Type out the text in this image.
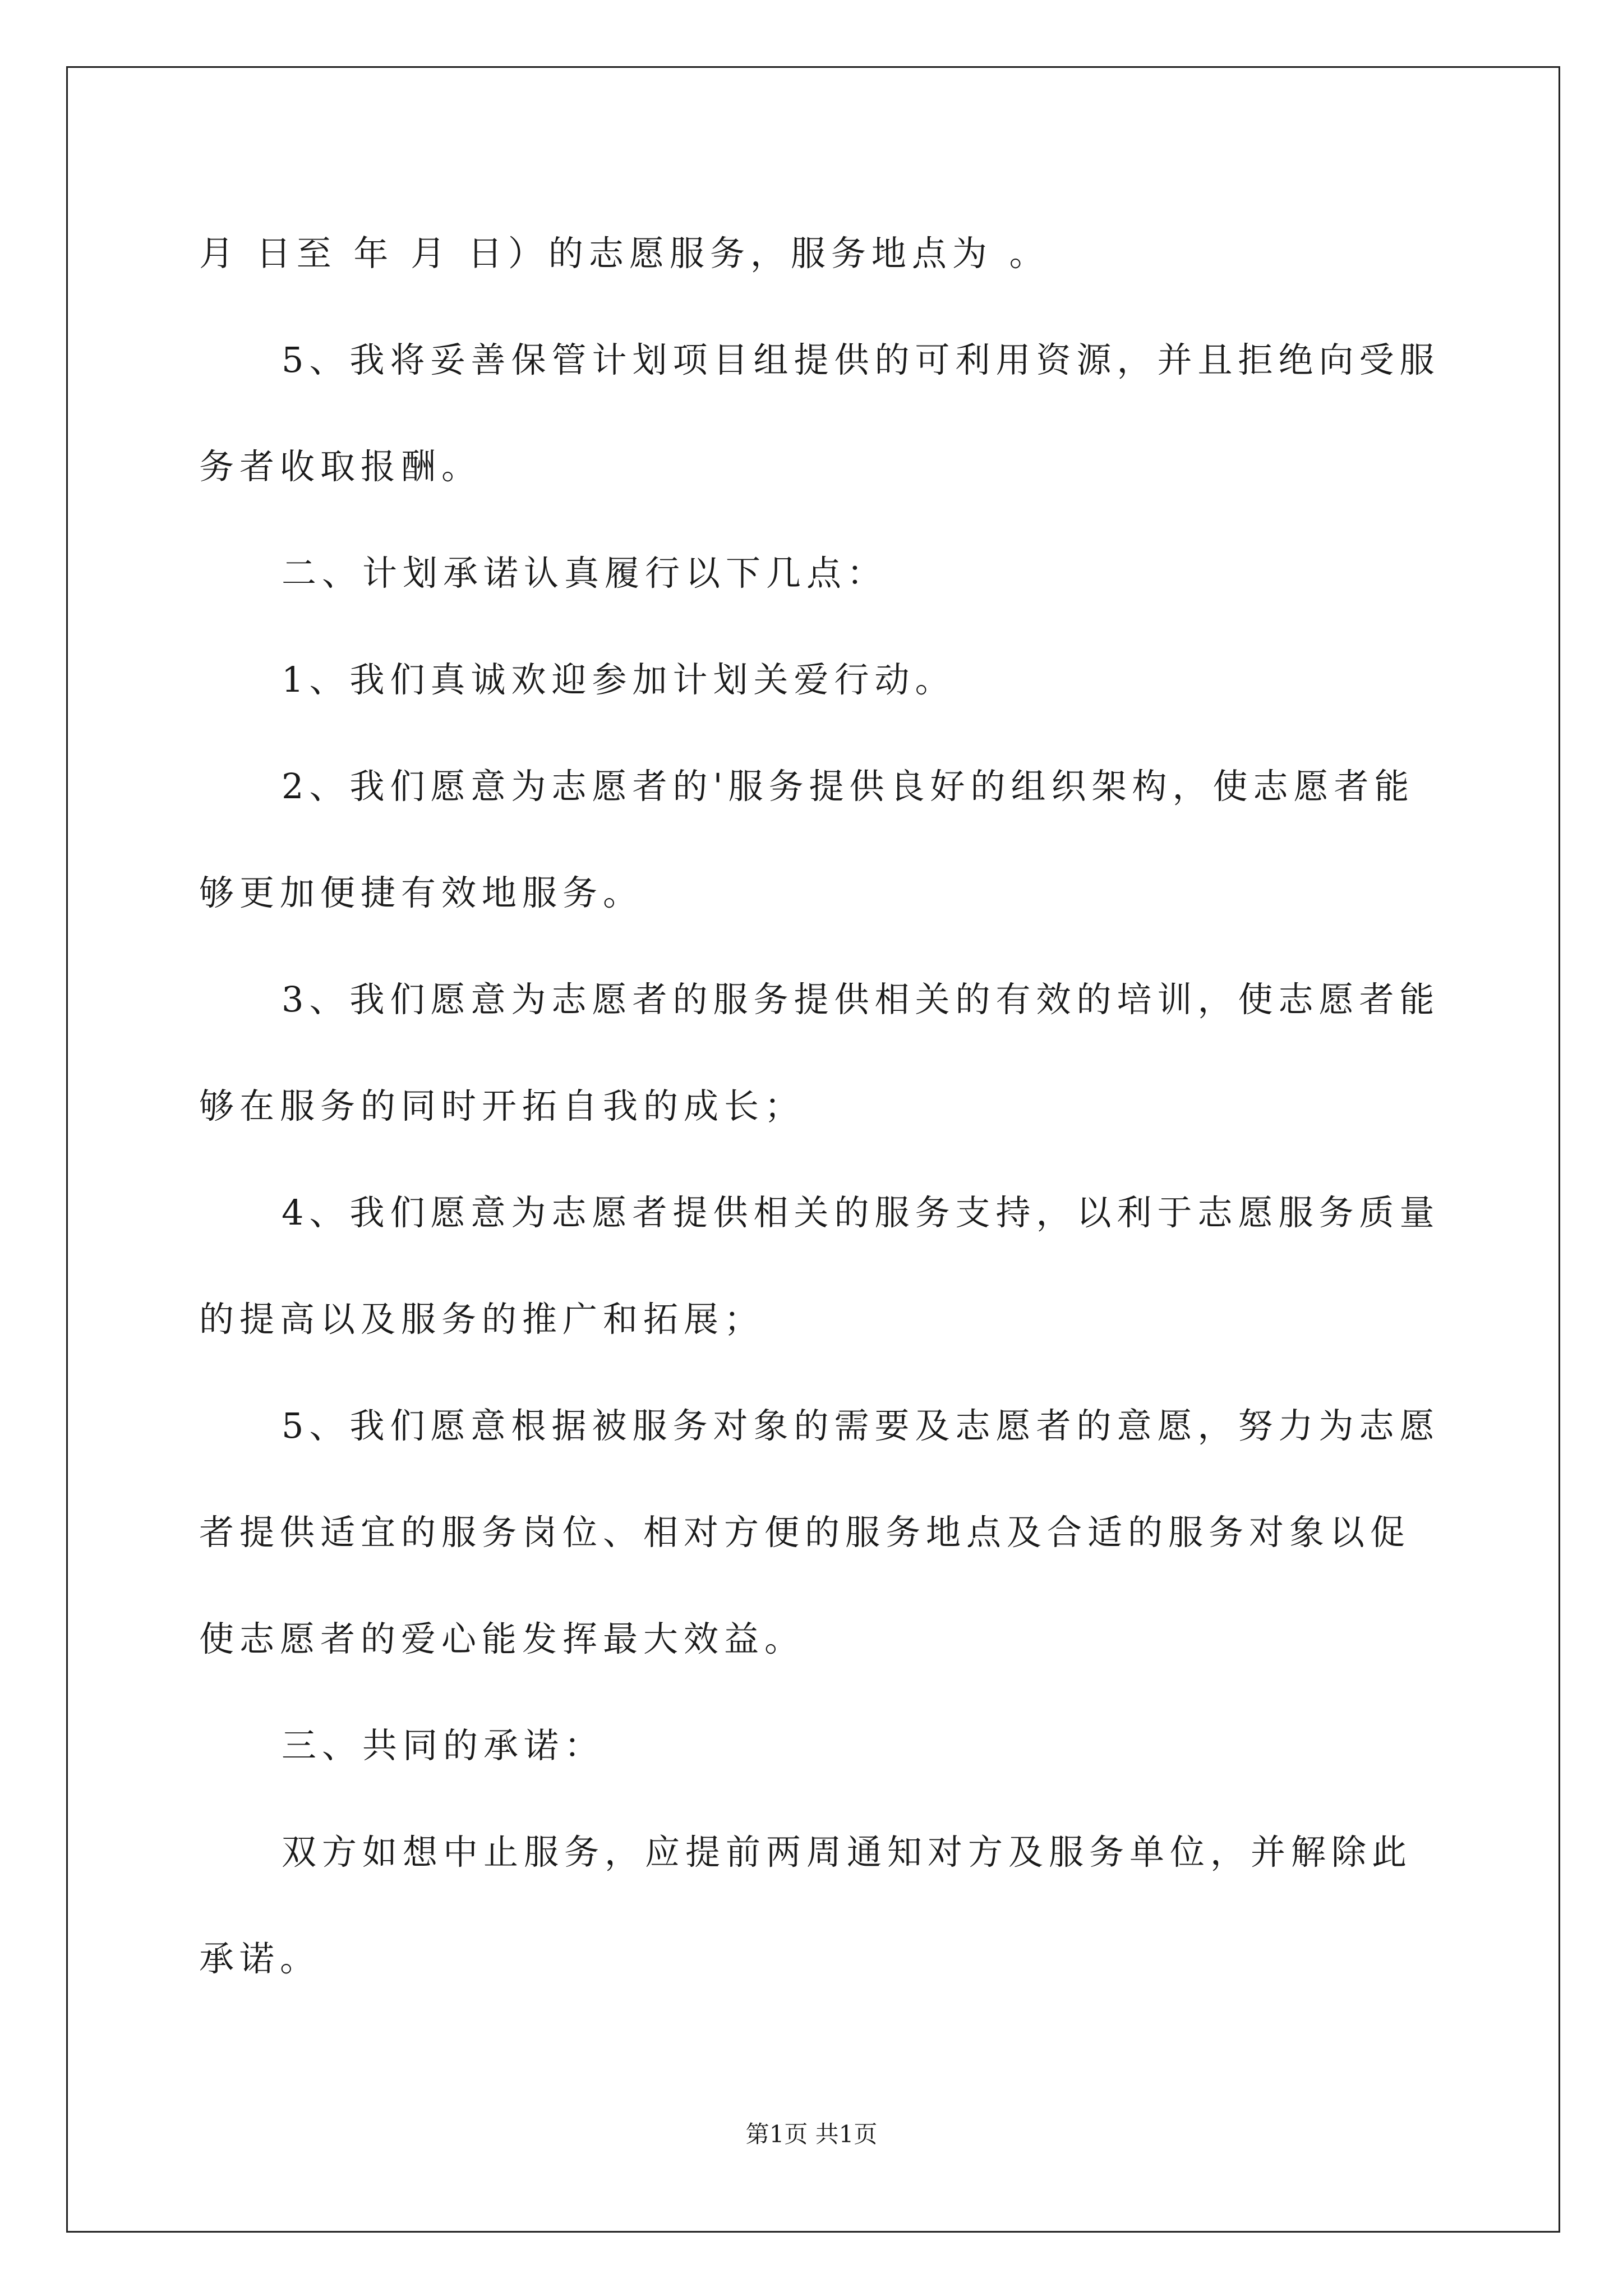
月 日至 年 月 日）的志愿服务，服务地点为 。
5、我将妥善保管计划项目组提供的可利用资源，并且拒绝向受服
务者收取报酬。
二、计划承诺认真履行以下几点：
1、我们真诚欢迎参加计划关爱行动。
2、我们愿意为志愿者的'服务提供良好的组织架构，使志愿者能
够更加便捷有效地服务。
3、我们愿意为志愿者的服务提供相关的有效的培训，使志愿者能
够在服务的同时开拓自我的成长；
4、我们愿意为志愿者提供相关的服务支持，以利于志愿服务质量
的提高以及服务的推广和拓展；
5、我们愿意根据被服务对象的需要及志愿者的意愿，努力为志愿
者提供适宜的服务岗位、相对方便的服务地点及合适的服务对象以促
使志愿者的爱心能发挥最大效益。
三、共同的承诺：
双方如想中止服务，应提前两周通知对方及服务单位，并解除此
承诺。
第1页 共1页
